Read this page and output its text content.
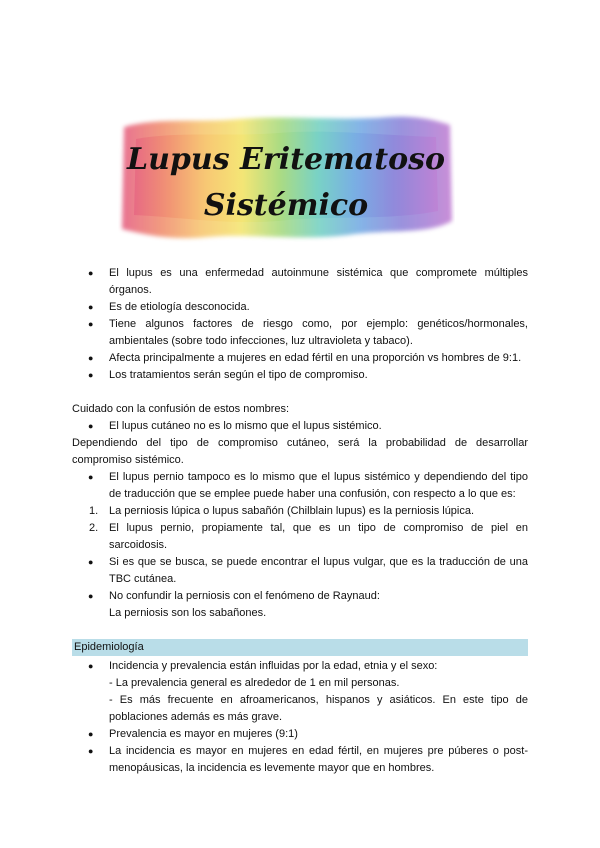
Lupus Eritematoso
Sistémico
● El lupus es una enfermedad autoinmune sistémica que compromete múltiples órganos.
● Es de etiología desconocida.
● Tiene algunos factores de riesgo como, por ejemplo: genéticos/hormonales, ambientales (sobre todo infecciones, luz ultravioleta y tabaco).
● Afecta principalmente a mujeres en edad fértil en una proporción vs hombres de 9:1.
● Los tratamientos serán según el tipo de compromiso.

Cuidado con la confusión de estos nombres:

● El lupus cutáneo no es lo mismo que el lupus sistémico.

Dependiendo del tipo de compromiso cutáneo, será la probabilidad de desarrollar compromiso sistémico.

● El lupus pernio tampoco es lo mismo que el lupus sistémico y dependiendo del tipo de traducción que se emplee puede haber una confusión, con respecto a lo que es:
1. La perniosis lúpica o lupus sabañón (Chilblain lupus) es la perniosis lúpica.
2. El lupus pernio, propiamente tal, que es un tipo de compromiso de piel en sarcoidosis.
● Si es que se busca, se puede encontrar el lupus vulgar, que es la traducción de una TBC cutánea.
● No confundir la perniosis con el fenómeno de Raynaud:
La perniosis son los sabañones.
Epidemiología
● Incidencia y prevalencia están influidas por la edad, etnia y el sexo:

- La prevalencia general es alrededor de 1 en mil personas.

- Es más frecuente en afroamericanos, hispanos y asiáticos. En este tipo de poblaciones además es más grave.

● Prevalencia es mayor en mujeres (9:1)
● La incidencia es mayor en mujeres en edad fértil, en mujeres pre púberes o post-menopáusicas, la incidencia es levemente mayor que en hombres.
